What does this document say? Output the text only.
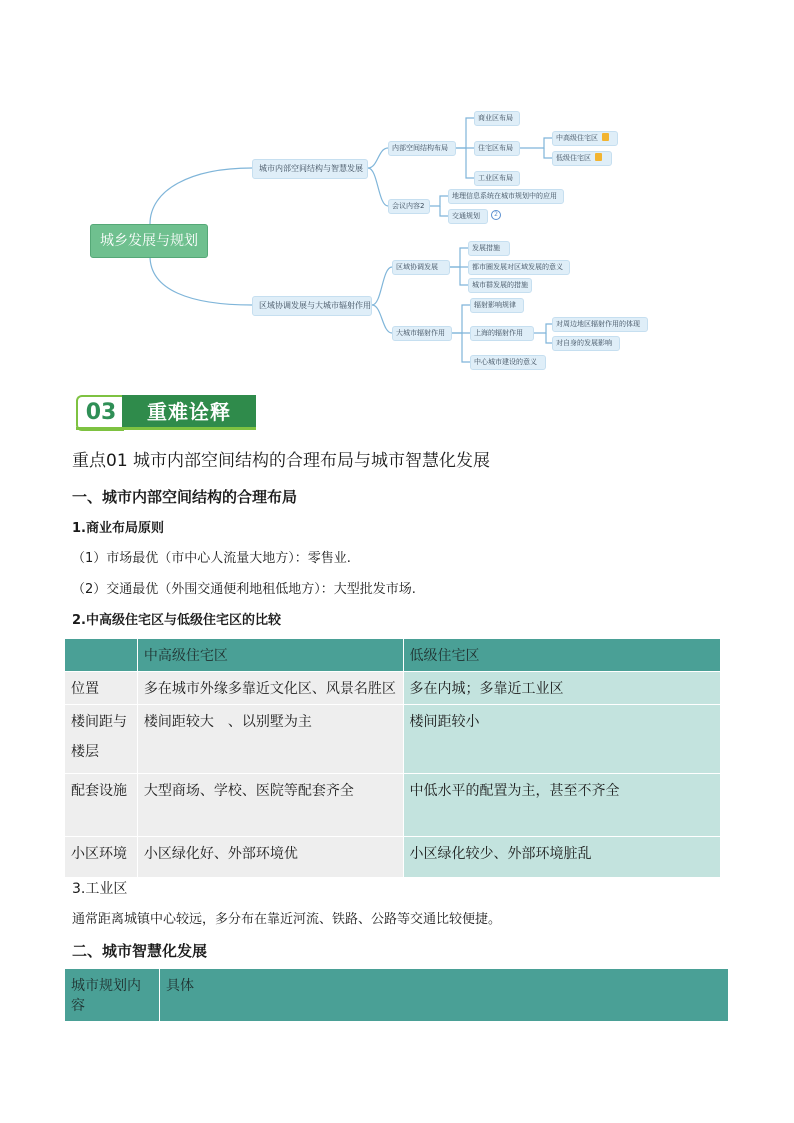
城乡发展与规划
城市内部空间结构与智慧发展
内部空间结构布局
商业区布局
住宅区布局
中高级住宅区
低级住宅区
工业区布局
会议内容2
地理信息系统在城市规划中的应用
交通规划	2
区域协调发展与大城市辐射作用
区域协调发展
发展措施
都市圈发展对区域发展的意义
城市群发展的措施
大城市辐射作用
辐射影响规律
上海的辐射作用
对周边地区辐射作用的体现
对自身的发展影响
中心城市建设的意义
03	重难诠释
重点01 城市内部空间结构的合理布局与城市智慧化发展
一、城市内部空间结构的合理布局
1.商业布局原则
（1）市场最优（市中心人流量大地方）：零售业.
（2）交通最优（外围交通便利地租低地方）：大型批发市场.
2.中高级住宅区与低级住宅区的比较
	中高级住宅区	低级住宅区
位置	多在城市外缘多靠近文化区、风景名胜区	多在内城；多靠近工业区
楼间距与楼层	楼间距较大　、以别墅为主	楼间距较小
配套设施	大型商场、学校、医院等配套齐全	中低水平的配置为主，甚至不齐全
小区环境	小区绿化好、外部环境优	小区绿化较少、外部环境脏乱
3.工业区
通常距离城镇中心较远，多分布在靠近河流、铁路、公路等交通比较便捷。
二、城市智慧化发展
城市规划内容	具体
